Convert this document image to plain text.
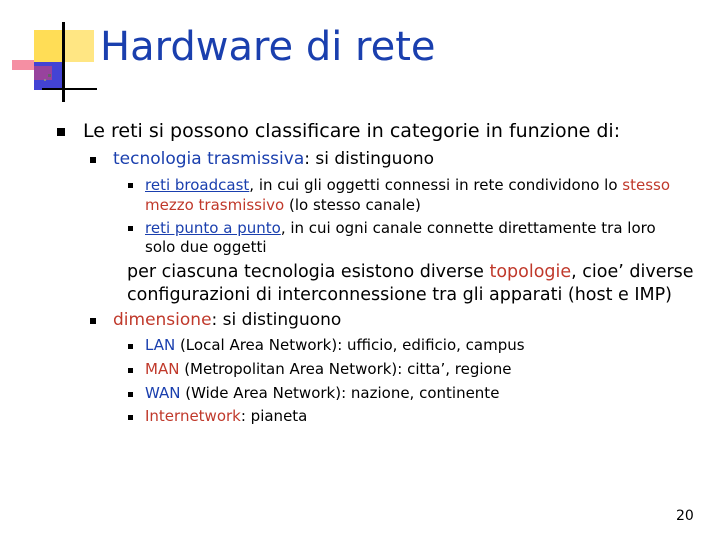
Hardware di rete
Le reti si possono classificare in categorie in funzione di:
tecnologia trasmissiva: si distinguono
reti broadcast, in cui gli oggetti connessi in rete condividono lo stesso
mezzo trasmissivo (lo stesso canale)
reti punto a punto, in cui ogni canale connette direttamente tra loro
solo due oggetti
per ciascuna tecnologia esistono diverse topologie, cioe’ diverse
configurazioni di interconnessione tra gli apparati (host e IMP)
dimensione: si distinguono
LAN (Local Area Network): ufficio, edificio, campus
MAN (Metropolitan Area Network): citta’, regione
WAN (Wide Area Network): nazione, continente
Internetwork: pianeta
20
